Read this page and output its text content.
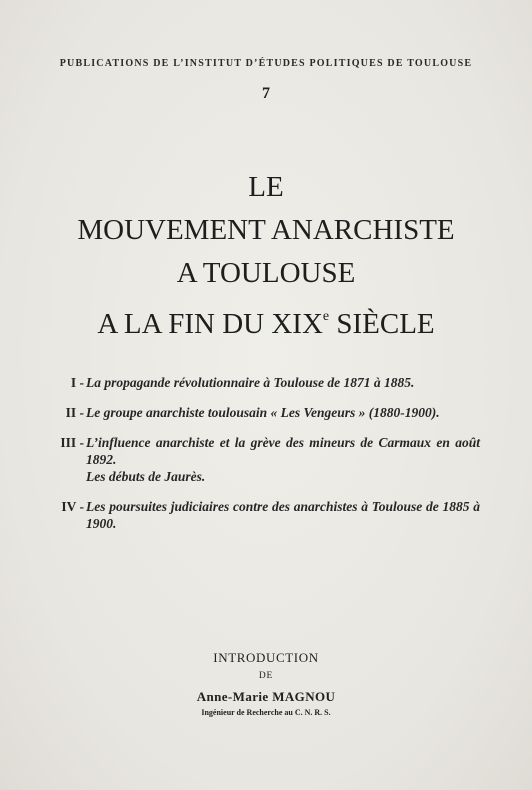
PUBLICATIONS DE L’INSTITUT D’ÉTUDES POLITIQUES DE TOULOUSE
7
LE
MOUVEMENT ANARCHISTE
A TOULOUSE
A LA FIN DU XIXe SIÈCLE
I - La propagande révolutionnaire à Toulouse de 1871 à 1885.
II - Le groupe anarchiste toulousain « Les Vengeurs » (1880-1900).
III - L’influence anarchiste et la grève des mineurs de Carmaux en août 1892.
Les débuts de Jaurès.
IV - Les poursuites judiciaires contre des anarchistes à Toulouse de 1885 à 1900.
INTRODUCTION
DE
Anne-Marie MAGNOU
Ingénieur de Recherche au C. N. R. S.
